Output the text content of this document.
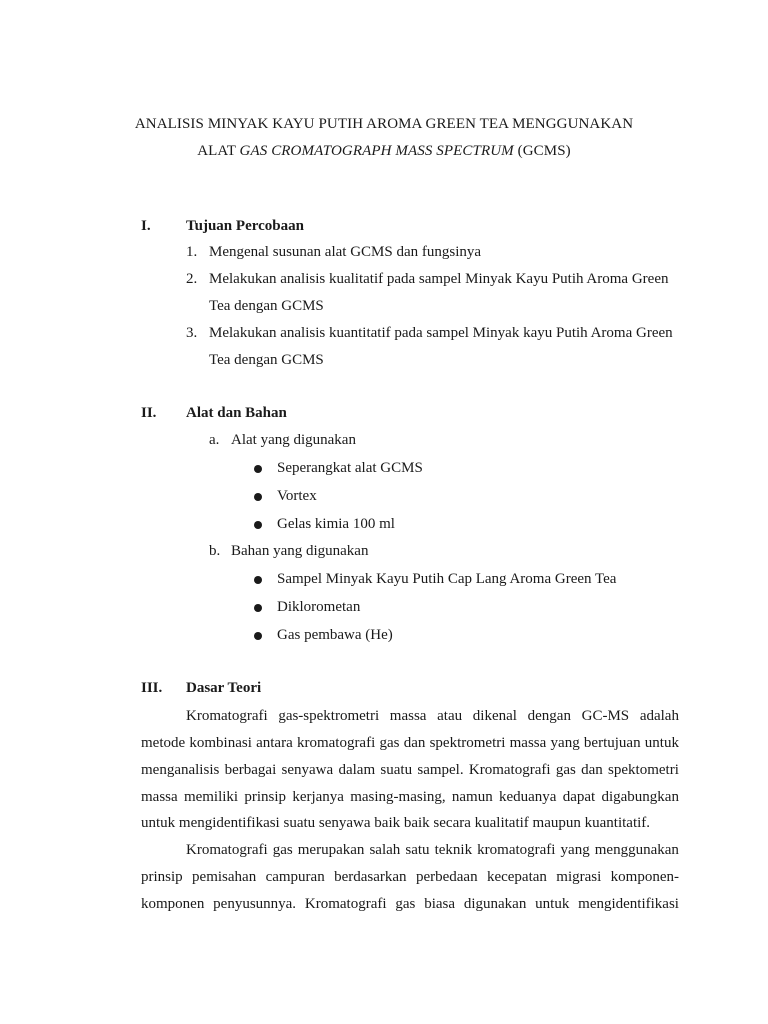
ANALISIS MINYAK KAYU PUTIH AROMA GREEN TEA MENGGUNAKAN
ALAT GAS CROMATOGRAPH MASS SPECTRUM (GCMS)
I. Tujuan Percobaan
1. Mengenal susunan alat GCMS dan fungsinya
2. Melakukan analisis kualitatif pada sampel Minyak Kayu Putih Aroma Green
Tea dengan GCMS
3. Melakukan analisis kuantitatif pada sampel Minyak kayu Putih Aroma Green
Tea dengan GCMS
II. Alat dan Bahan
a. Alat yang digunakan
Seperangkat alat GCMS
Vortex
Gelas kimia 100 ml
b. Bahan yang digunakan
Sampel Minyak Kayu Putih Cap Lang Aroma Green Tea
Diklorometan
Gas pembawa (He)
III. Dasar Teori
Kromatografi gas-spektrometri massa atau dikenal dengan GC-MS adalah
metode kombinasi antara kromatografi gas dan spektrometri massa yang bertujuan untuk
menganalisis berbagai senyawa dalam suatu sampel. Kromatografi gas dan spektometri
massa memiliki prinsip kerjanya masing-masing, namun keduanya dapat digabungkan
untuk mengidentifikasi suatu senyawa baik baik secara kualitatif maupun kuantitatif.
Kromatografi gas merupakan salah satu teknik kromatografi yang menggunakan
prinsip pemisahan campuran berdasarkan perbedaan kecepatan migrasi komponen-
komponen penyusunnya. Kromatografi gas biasa digunakan untuk mengidentifikasi
